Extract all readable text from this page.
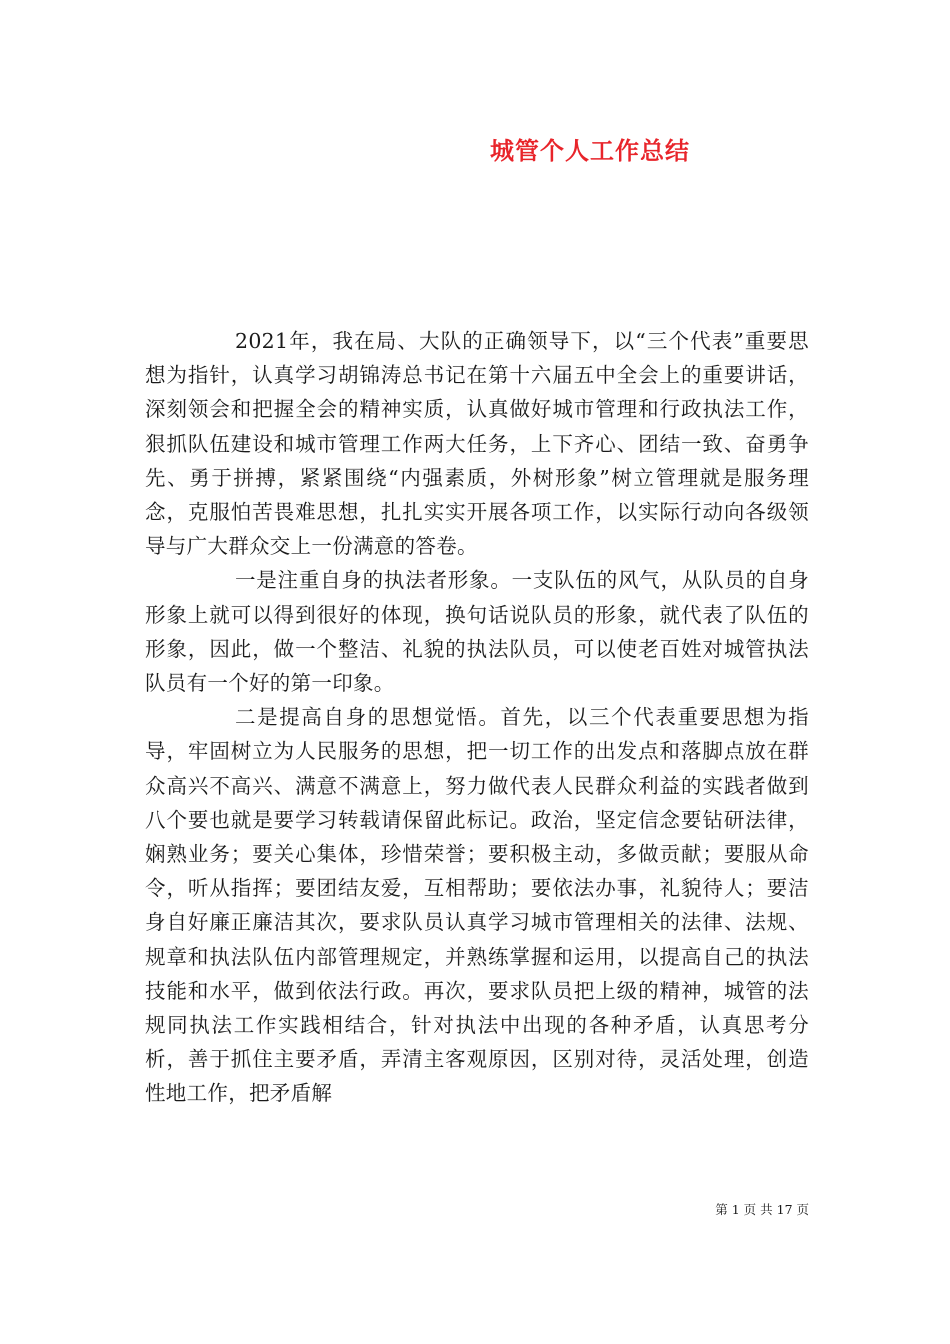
城管个人工作总结

2021年，我在局、大队的正确领导下，以“三个代表”重要思想为指针，认真学习胡锦涛总书记在第十六届五中全会上的重要讲话，深刻领会和把握全会的精神实质，认真做好城市管理和行政执法工作，狠抓队伍建设和城市管理工作两大任务，上下齐心、团结一致、奋勇争先、勇于拼搏，紧紧围绕“内强素质，外树形象”树立管理就是服务理念，克服怕苦畏难思想，扎扎实实开展各项工作，以实际行动向各级领导与广大群众交上一份满意的答卷。

一是注重自身的执法者形象。一支队伍的风气，从队员的自身形象上就可以得到很好的体现，换句话说队员的形象，就代表了队伍的形象，因此，做一个整洁、礼貌的执法队员，可以使老百姓对城管执法队员有一个好的第一印象。

二是提高自身的思想觉悟。首先，以三个代表重要思想为指导，牢固树立为人民服务的思想，把一切工作的出发点和落脚点放在群众高兴不高兴、满意不满意上，努力做代表人民群众利益的实践者做到八个要也就是要学习转载请保留此标记。政治，坚定信念要钻研法律，娴熟业务；要关心集体，珍惜荣誉；要积极主动，多做贡献；要服从命令，听从指挥；要团结友爱，互相帮助；要依法办事，礼貌待人；要洁身自好廉正廉洁其次，要求队员认真学习城市管理相关的法律、法规、规章和执法队伍内部管理规定，并熟练掌握和运用，以提高自己的执法技能和水平，做到依法行政。再次，要求队员把上级的精神，城管的法规同执法工作实践相结合，针对执法中出现的各种矛盾，认真思考分析，善于抓住主要矛盾，弄清主客观原因，区别对待，灵活处理，创造性地工作，把矛盾解

第 1 页 共 17 页
